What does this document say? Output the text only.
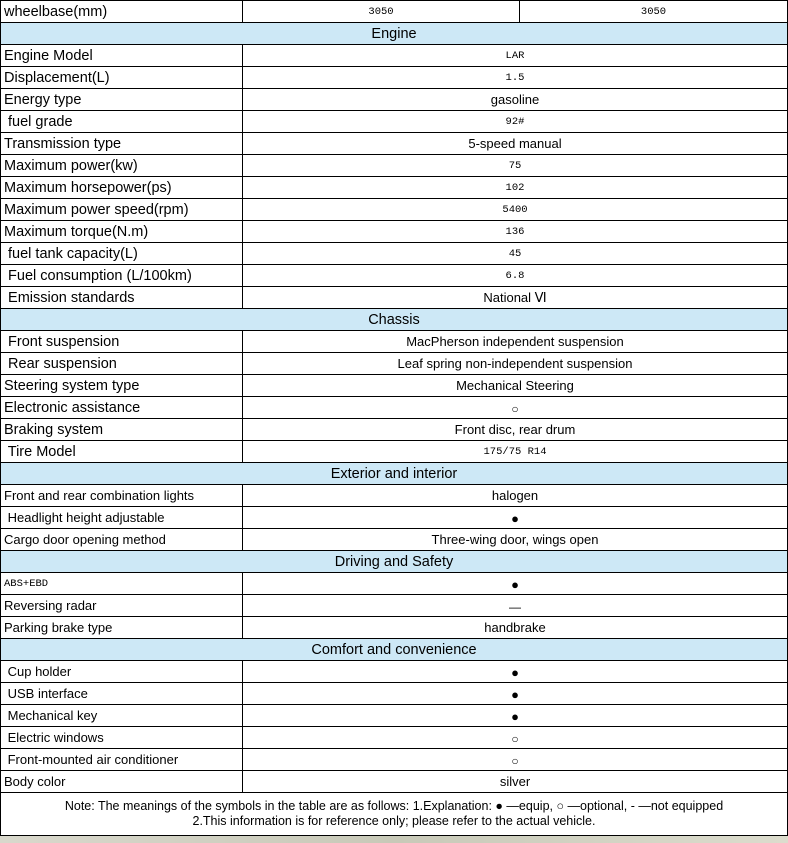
wheelbase(mm)	3050	3050
Engine		
Engine Model	LAR	
Displacement(L)	1.5	
Energy type	gasoline	
fuel grade	92#	
Transmission type	5-speed manual	
Maximum power(kw)	75	
Maximum horsepower(ps)	102	
Maximum power speed(rpm)	5400	
Maximum torque(N.m)	136	
fuel tank capacity(L)	45	
Fuel consumption (L/100km)	6.8	
Emission standards	National Ⅵ	
Chassis		
Front suspension	MacPherson independent suspension	
Rear suspension	Leaf spring non-independent suspension	
Steering system type	Mechanical Steering	
Electronic assistance	○	
Braking system	Front disc, rear drum	
Tire Model	175/75 R14	
Exterior and interior		
Front and rear combination lights	halogen	
Headlight height adjustable	●	
Cargo door opening method	Three-wing door, wings open	
Driving and Safety		
ABS+EBD	●	
Reversing radar	—	
Parking brake type	handbrake	
Comfort and convenience		
Cup holder	●	
USB interface	●	
Mechanical key	●	
Electric windows	○	
Front-mounted air conditioner	○	
Body color	silver	

Note: The meanings of the symbols in the table are as follows: 1.Explanation: ● —equip, ○ —optional, - —not equipped
2.This information is for reference only; please refer to the actual vehicle.		
